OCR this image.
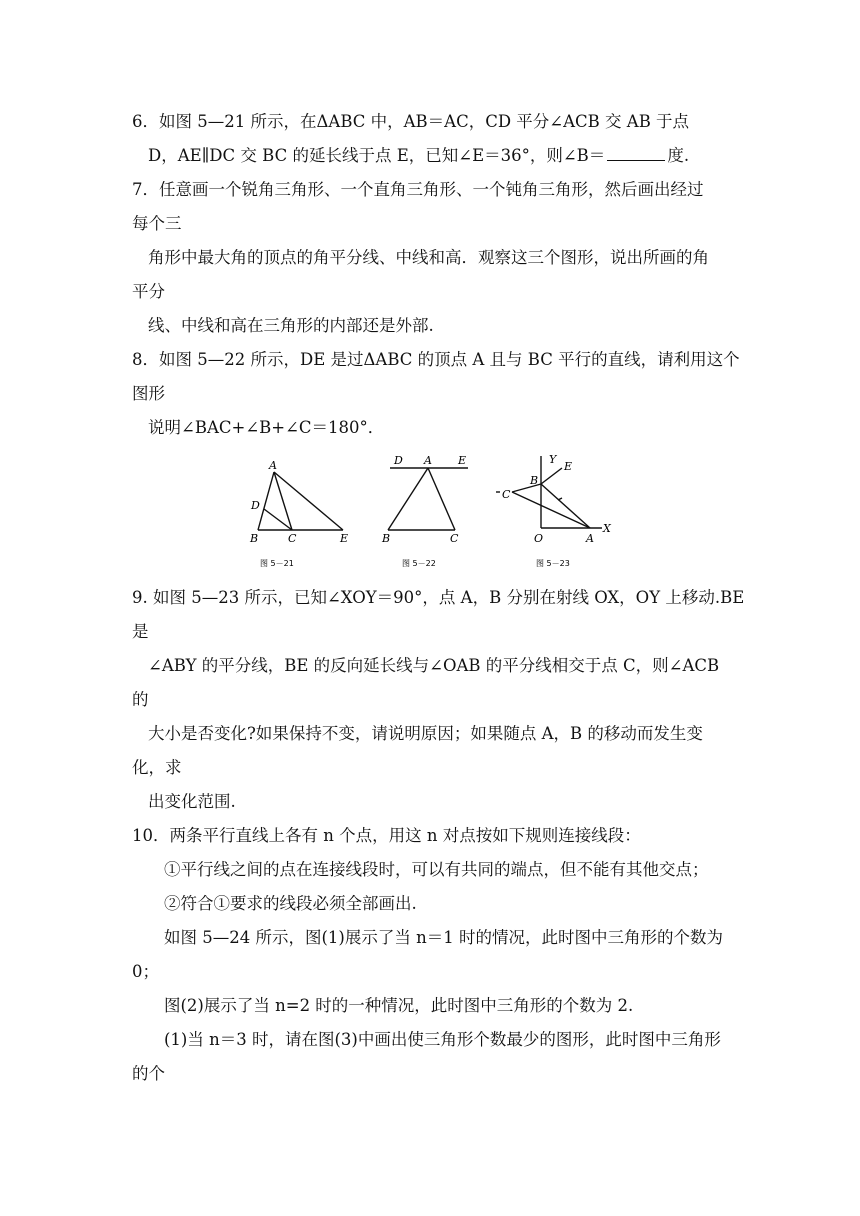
6．如图 5—21 所示，在ΔABC 中，AB＝AC，CD 平分∠ACB 交 AB 于点
D，AE∥DC 交 BC 的延长线于点 E，已知∠E＝36°，则∠B＝	度.
7．任意画一个锐角三角形、一个直角三角形、一个钝角三角形，然后画出经过
每个三
角形中最大角的顶点的角平分线、中线和高．观察这三个图形，说出所画的角
平分
线、中线和高在三角形的内部还是外部.
8．如图 5—22 所示，DE 是过ΔABC 的顶点 A 且与 BC 平行的直线，请利用这个
图形
说明∠BAC+∠B+∠C＝180°．
A
D
B	C	E
图 5－21
D A E
B	C
图 5－22
Y
E
B
C
O	A
X
图 5－23
9. 如图 5—23 所示，已知∠XOY＝90°，点 A，B 分别在射线 OX，OY 上移动.BE
是
∠ABY 的平分线，BE 的反向延长线与∠OAB 的平分线相交于点 C，则∠ACB
的
大小是否变化?如果保持不变，请说明原因；如果随点 A，B 的移动而发生变
化，求
出变化范围.
10．两条平行直线上各有 n 个点，用这 n 对点按如下规则连接线段：
①平行线之间的点在连接线段时，可以有共同的端点，但不能有其他交点；
②符合①要求的线段必须全部画出.
如图 5—24 所示，图(1)展示了当 n＝1 时的情况，此时图中三角形的个数为
0；
图(2)展示了当 n=2 时的一种情况，此时图中三角形的个数为 2.
(1)当 n＝3 时，请在图(3)中画出使三角形个数最少的图形，此时图中三角形
的个
